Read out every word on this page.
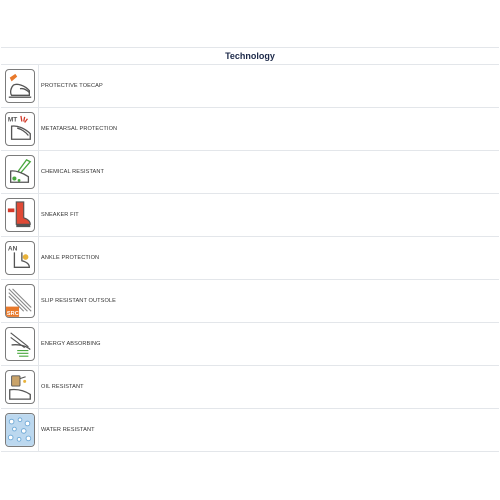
Technology
PROTECTIVE TOECAP
MT
METATARSAL PROTECTION
CHEMICAL RESISTANT
SNEAKER FIT
AN
ANKLE PROTECTION
SRC
SLIP RESISTANT OUTSOLE
ENERGY ABSORBING
OIL RESISTANT
WATER RESISTANT
